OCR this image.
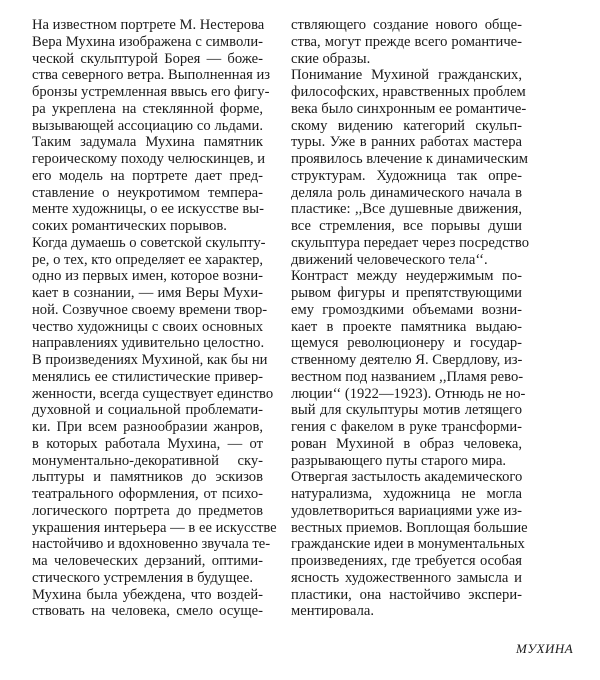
На известном портрете М. Нестерова
Вера Мухина изображена с символи-
ческой скульптурой Борея — боже-
ства северного ветра. Выполненная из
бронзы устремленная ввысь его фигу-
ра укреплена на стеклянной форме,
вызывающей ассоциацию со льдами.
Таким задумала Мухина памятник
героическому походу челюскинцев, и
его модель на портрете дает пред-
ставление о неукротимом темпера-
менте художницы, о ее искусстве вы-
соких романтических порывов.
Когда думаешь о советской скульпту-
ре, о тех, кто определяет ее характер,
одно из первых имен, которое возни-
кает в сознании, — имя Веры Мухи-
ной. Созвучное своему времени твор-
чество художницы с своих основных
направлениях удивительно целостно.
В произведениях Мухиной, как бы ни
менялись ее стилистические привер-
женности, всегда существует единство
духовной и социальной проблемати-
ки. При всем разнообразии жанров,
в которых работала Мухина, — от
монументально-декоративной ску-
льптуры и памятников до эскизов
театрального оформления, от психо-
логического портрета до предметов
украшения интерьера — в ее искусстве
настойчиво и вдохновенно звучала те-
ма человеческих дерзаний, оптими-
стического устремления в будущее.
Мухина была убеждена, что воздей-
ствовать на человека, смело осуще-
ствляющего создание нового обще-
ства, могут прежде всего романтиче-
ские образы.
Понимание Мухиной гражданских,
философских, нравственных проблем
века было синхронным ее романтиче-
скому видению категорий скульп-
туры. Уже в ранних работах мастера
проявилось влечение к динамическим
структурам. Художница так опре-
деляла роль динамического начала в
пластике: ,,Все душевные движения,
все стремления, все порывы души
скульптура передает через посредство
движений человеческого тела‘‘.
Контраст между неудержимым по-
рывом фигуры и препятствующими
ему громоздкими объемами возни-
кает в проекте памятника выдаю-
щемуся революционеру и государ-
ственному деятелю Я. Свердлову, из-
вестном под названием ,,Пламя рево-
люции‘‘ (1922—1923). Отнюдь не но-
вый для скульптуры мотив летящего
гения с факелом в руке трансформи-
рован Мухиной в образ человека,
разрывающего путы старого мира.
Отвергая застылость академического
натурализма, художница не могла
удовлетвориться вариациями уже из-
вестных приемов. Воплощая большие
гражданские идеи в монументальных
произведениях, где требуется особая
ясность художественного замысла и
пластики, она настойчиво экспери-
ментировала.
МУХИНА
